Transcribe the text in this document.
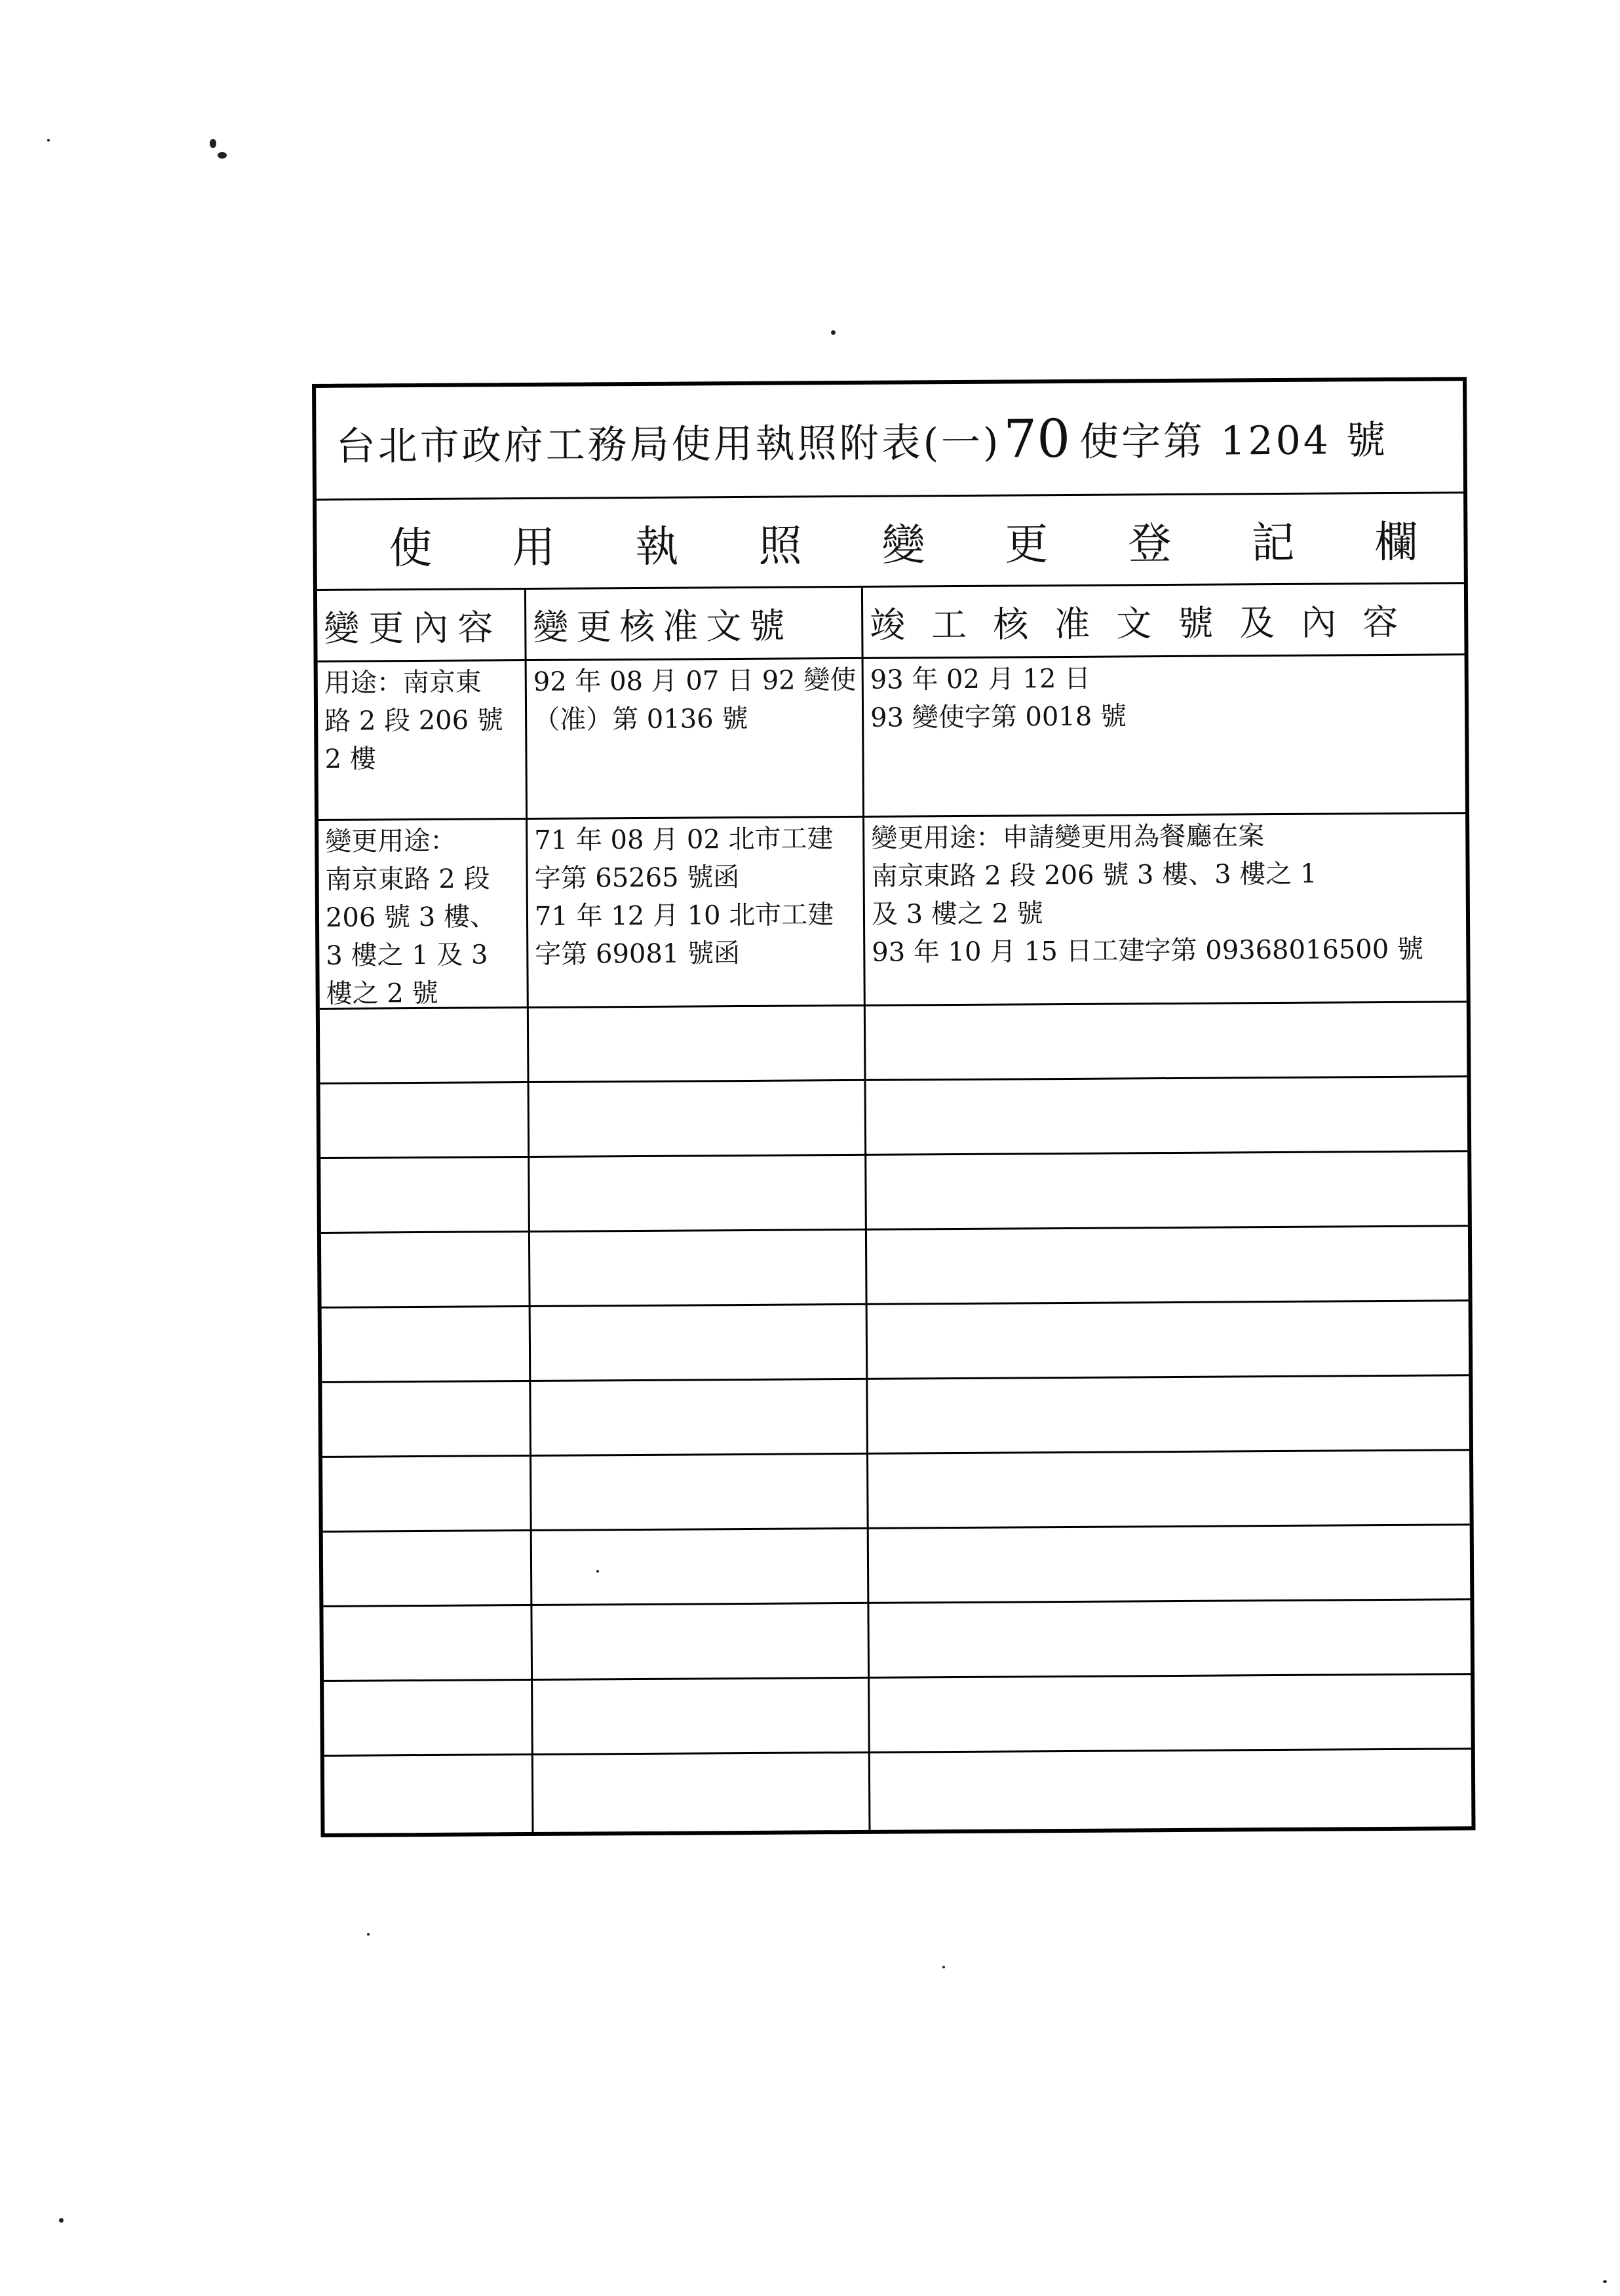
台北市政府工務局使用執照附表(一) 70 使字第 1204 號
使 用 執 照 變 更 登 記 欄
變更內容 變更核准文號 竣工核准文號及內容
用途：南京東
路 2 段 206 號
2 樓
92 年 08 月 07 日 92 變使
（准）第 0136 號
93 年 02 月 12 日
93 變使字第 0018 號
變更用途：
南京東路 2 段
206 號 3 樓、
3 樓之 1 及 3
樓之 2 號
71 年 08 月 02 北市工建
字第 65265 號函
71 年 12 月 10 北市工建
字第 69081 號函
變更用途：申請變更用為餐廳在案
南京東路 2 段 206 號 3 樓、3 樓之 1
及 3 樓之 2 號
93 年 10 月 15 日工建字第 09368016500 號
